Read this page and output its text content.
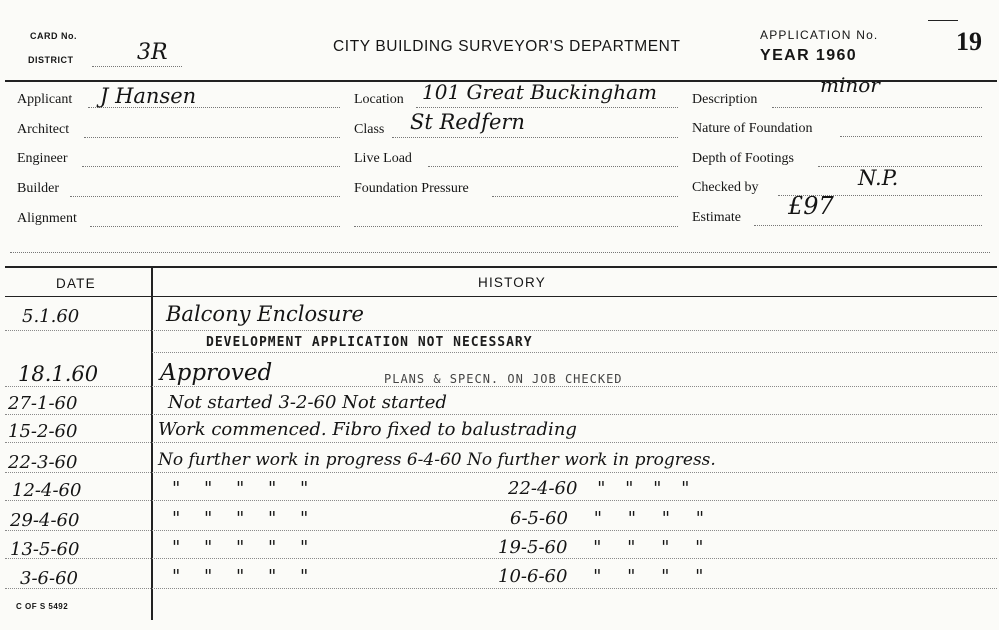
CARD No.
DISTRICT	3R	CITY BUILDING SURVEYOR'S DEPARTMENT
APPLICATION No.
YEAR 1960	19
Applicant J Hansen
Architect
Engineer
Builder
Alignment
Location 101 Great Buckingham
Class St Redfern
Live Load
Foundation Pressure
Description
minor
Nature of Foundation
Depth of Footings
Checked by	N.P.
Estimate £97
DATE	HISTORY
5.1.60	Balcony Enclosure
DEVELOPMENT APPLICATION NOT NECESSARY
18.1.60	Approved	PLANS & SPECN. ON JOB CHECKED
27-1-60	Not started 3-2-60 Not started
15-2-60	Work commenced. Fibro fixed to balustrading
22-3-60	No further work in progress 6-4-60 No further work in progress.
12-4-60	" " " " "	22-4-60 " " " "
29-4-60	" " " " "	6-5-60 " " " "
13-5-60	" " " " "	19-5-60 " " " "
3-6-60	" " " " "	10-6-60 " " " "
C OF S 5492
